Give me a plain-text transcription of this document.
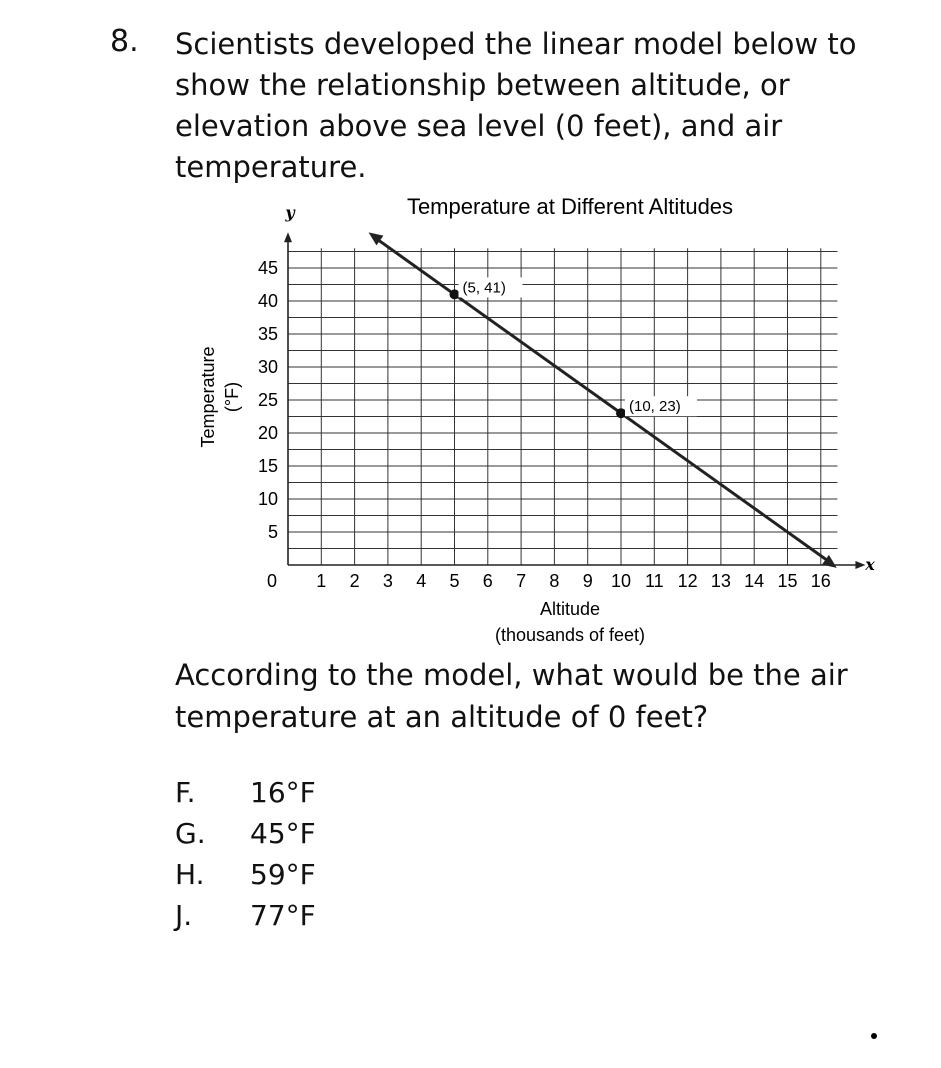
8. Scientists developed the linear model below to
show the relationship between altitude, or
elevation above sea level (0 feet), and air
temperature.
Temperature at Different Altitudes
1 2 3 4 5 6 7 8 9 10 11 12 13 14 15 16
5
10
15
20
25
30
35
40
45
(5, 41)
(10, 23)
y
x
0
Altitude
(thousands of feet)
Temperature (°F)
According to the model, what would be the air
temperature at an altitude of 0 feet?
F.	16°F
G.	45°F
H.	59°F
J.	77°F
